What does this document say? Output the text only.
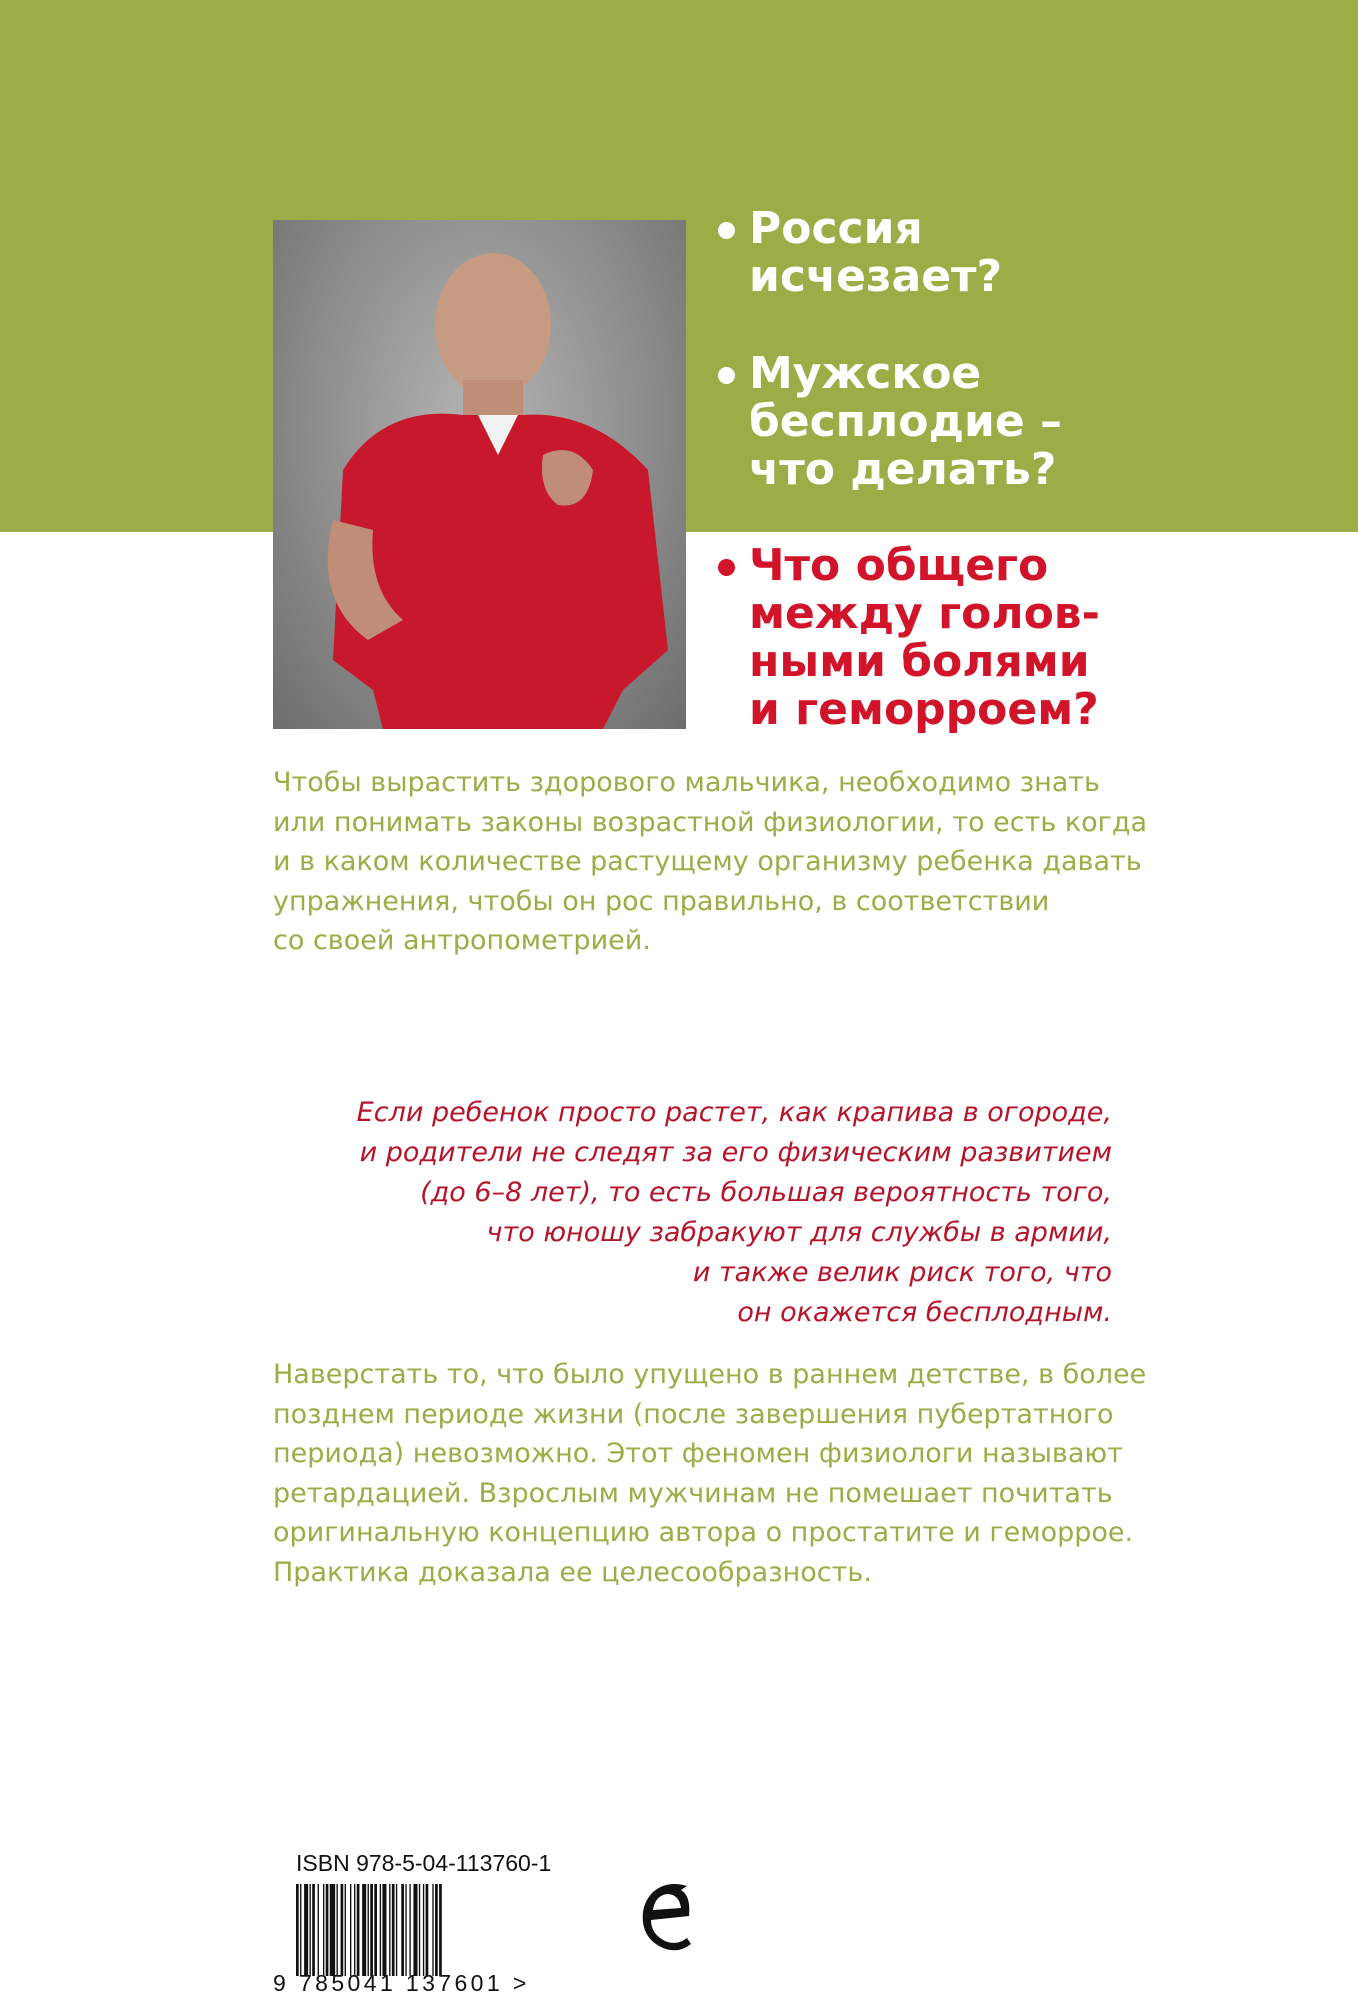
Россия
исчезает?

Мужское
бесплодие –
что делать?

Что общего
между голов-
ными болями
и геморроем?

Чтобы вырастить здорового мальчика, необходимо знать
или понимать законы возрастной физиологии, то есть когда
и в каком количестве растущему организму ребенка давать
упражнения, чтобы он рос правильно, в соответствии
со своей антропометрией.
Если ребенок просто растет, как крапива в огороде,
и родители не следят за его физическим развитием
(до 6–8 лет), то есть большая вероятность того,
что юношу забракуют для службы в армии,
и также велик риск того, что
он окажется бесплодным.
Наверстать то, что было упущено в раннем детстве, в более
позднем периоде жизни (после завершения пубертатного
периода) невозможно. Этот феномен физиологи называют
ретардацией. Взрослым мужчинам не помешает почитать
оригинальную концепцию автора о простатите и геморрое.
Практика доказала ее целесообразность.
ISBN 978-5-04-113760-1
9 785041 137601 >
